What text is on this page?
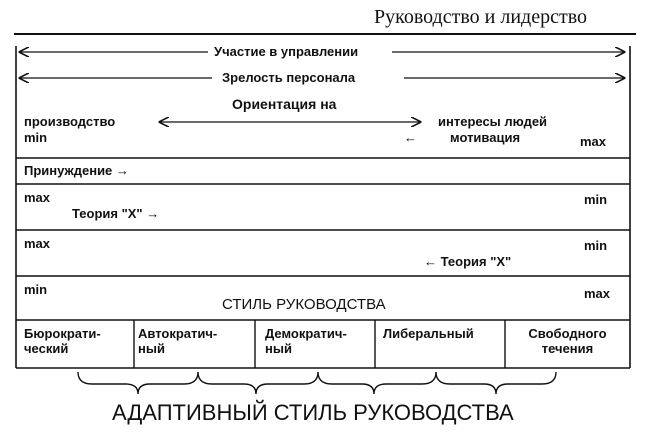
Руководство и лидерство
Участие в управлении
Зрелость персонала
Ориентация на
производство
min
интересы людей
←	мотивация	max
Принуждение →
max	min
Теория "X" →
max	min
← Теория "X"
min	max
СТИЛЬ РУКОВОДСТВА
Бюрократи-
ческий
Автократич-
ный
Демократич-
ный
Либеральный	Свободного
течения
АДАПТИВНЫЙ СТИЛЬ РУКОВОДСТВА
